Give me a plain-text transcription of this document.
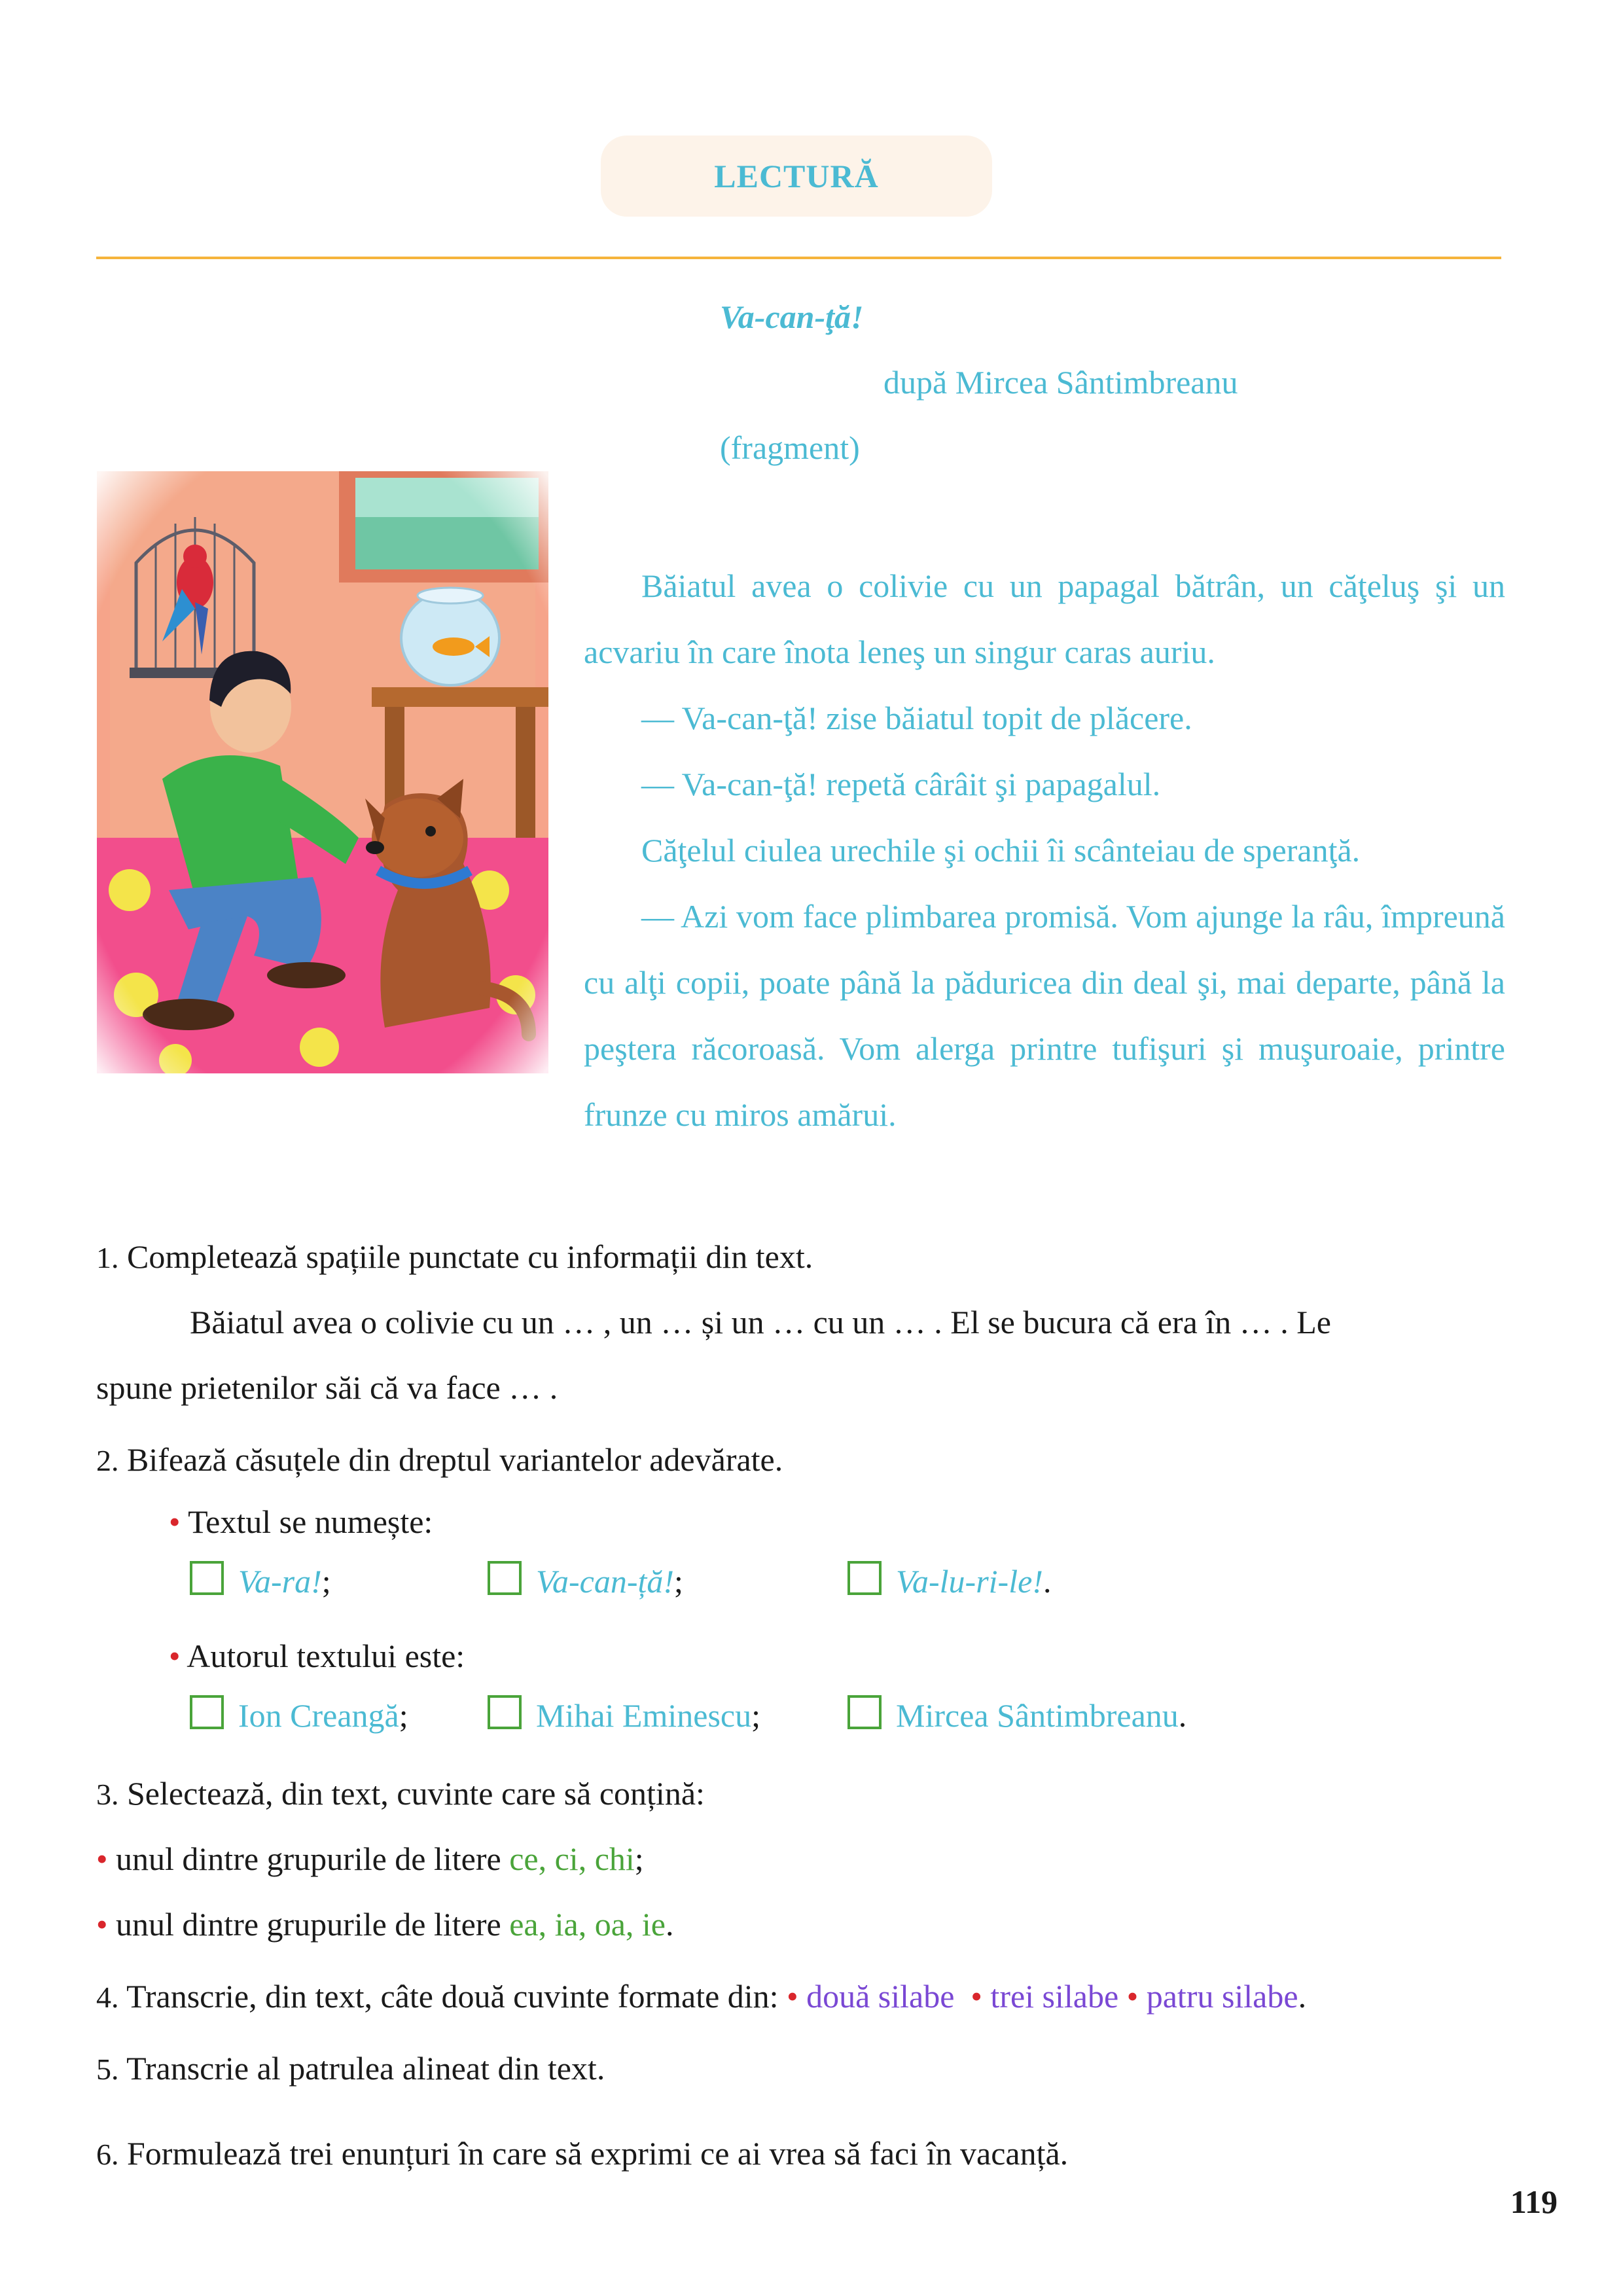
LECTURĂ
Va-can-ţă!
după Mircea Sântimbreanu
(fragment)

Băiatul avea o colivie cu un papagal bătrân, un căţeluş şi un acvariu în care înota leneş un singur caras auriu.

— Va-can-ţă! zise băiatul topit de plăcere.

— Va-can-ţă! repetă cârâit şi papagalul.

Căţelul ciulea urechile şi ochii îi scânteiau de speranţă.

— Azi vom face plimbarea promisă. Vom ajunge la râu, împreună cu alţi copii, poate până la păduricea din deal şi, mai departe, până la peştera răcoroasă. Vom alerga printre tufişuri şi muşuroaie, printre frunze cu miros amărui.

1. Completează spațiile punctate cu informații din text.
Băiatul avea o colivie cu un … , un … și un … cu un … . El se bucura că era în … . Le
spune prietenilor săi că va face … .
2. Bifează căsuțele din dreptul variantelor adevărate.
• Textul se numește:
Va-ra!;	Va-can-ță!;	Va-lu-ri-le!.
• Autorul textului este:
Ion Creangă;	Mihai Eminescu;	Mircea Sântimbreanu.
3. Selectează, din text, cuvinte care să conțină:
• unul dintre grupurile de litere ce, ci, chi;
• unul dintre grupurile de litere ea, ia, oa, ie.
4. Transcrie, din text, câte două cuvinte formate din: • două silabe • trei silabe • patru silabe.
5. Transcrie al patrulea alineat din text.
6. Formulează trei enunțuri în care să exprimi ce ai vrea să faci în vacanță.
119
